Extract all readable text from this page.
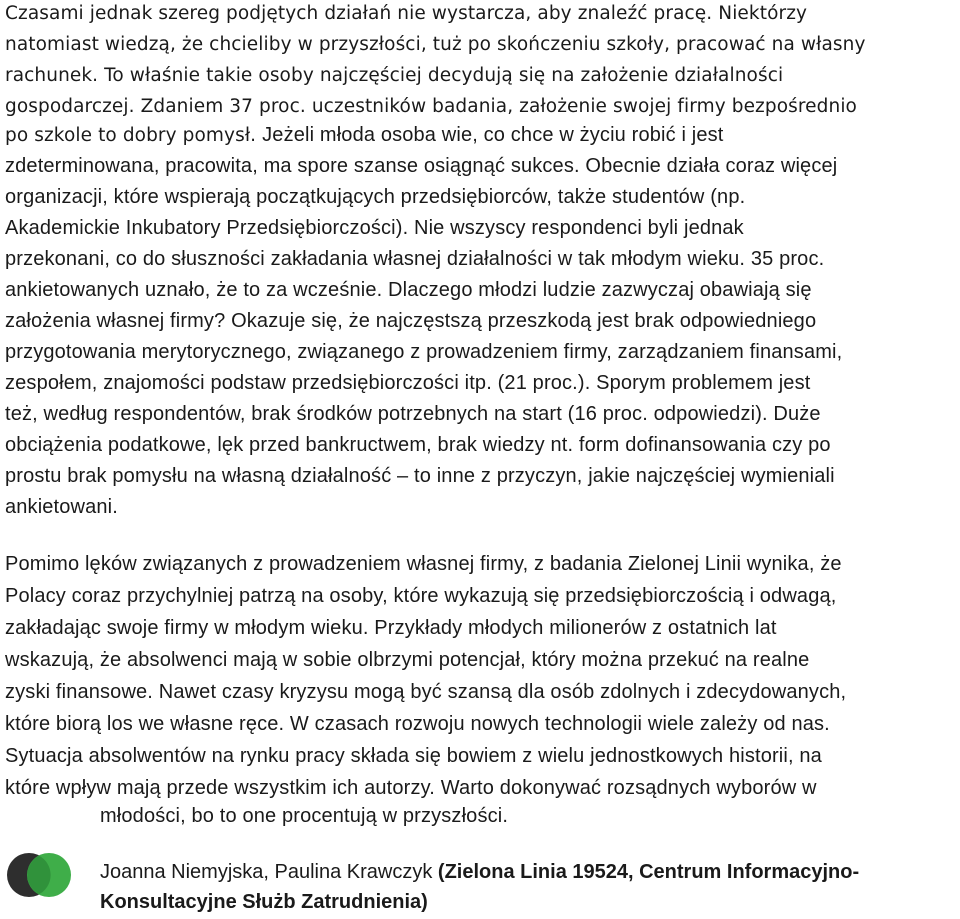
Czasami jednak szereg podjętych działań nie wystarcza, aby znaleźć pracę. Niektórzy
natomiast wiedzą, że chcieliby w przyszłości, tuż po skończeniu szkoły, pracować na własny
rachunek. To właśnie takie osoby najczęściej decydują się na założenie działalności
gospodarczej. Zdaniem 37 proc. uczestników badania, założenie swojej firmy bezpośrednio
po szkole to dobry pomysł. Jeżeli młoda osoba wie, co chce w życiu robić i jest
zdeterminowana, pracowita, ma spore szanse osiągnąć sukces. Obecnie działa coraz więcej
organizacji, które wspierają początkujących przedsiębiorców, także studentów (np.
Akademickie Inkubatory Przedsiębiorczości). Nie wszyscy respondenci byli jednak
przekonani, co do słuszności zakładania własnej działalności w tak młodym wieku. 35 proc.
ankietowanych uznało, że to za wcześnie. Dlaczego młodzi ludzie zazwyczaj obawiają się
założenia własnej firmy? Okazuje się, że najczęstszą przeszkodą jest brak odpowiedniego
przygotowania merytorycznego, związanego z prowadzeniem firmy, zarządzaniem finansami,
zespołem, znajomości podstaw przedsiębiorczości itp. (21 proc.). Sporym problemem jest
też, według respondentów, brak środków potrzebnych na start (16 proc. odpowiedzi). Duże
obciążenia podatkowe, lęk przed bankructwem, brak wiedzy nt. form dofinansowania czy po
prostu brak pomysłu na własną działalność – to inne z przyczyn, jakie najczęściej wymieniali
ankietowani.
Pomimo lęków związanych z prowadzeniem własnej firmy, z badania Zielonej Linii wynika, że
Polacy coraz przychylniej patrzą na osoby, które wykazują się przedsiębiorczością i odwagą,
zakładając swoje firmy w młodym wieku. Przykłady młodych milionerów z ostatnich lat
wskazują, że absolwenci mają w sobie olbrzymi potencjał, który można przekuć na realne
zyski finansowe. Nawet czasy kryzysu mogą być szansą dla osób zdolnych i zdecydowanych,
które biorą los we własne ręce. W czasach rozwoju nowych technologii wiele zależy od nas.
Sytuacja absolwentów na rynku pracy składa się bowiem z wielu jednostkowych historii, na
które wpływ mają przede wszystkim ich autorzy. Warto dokonywać rozsądnych wyborów w
młodości, bo to one procentują w przyszłości.
Joanna Niemyjska, Paulina Krawczyk (Zielona Linia 19524, Centrum Informacyjno-
Konsultacyjne Służb Zatrudnienia)
